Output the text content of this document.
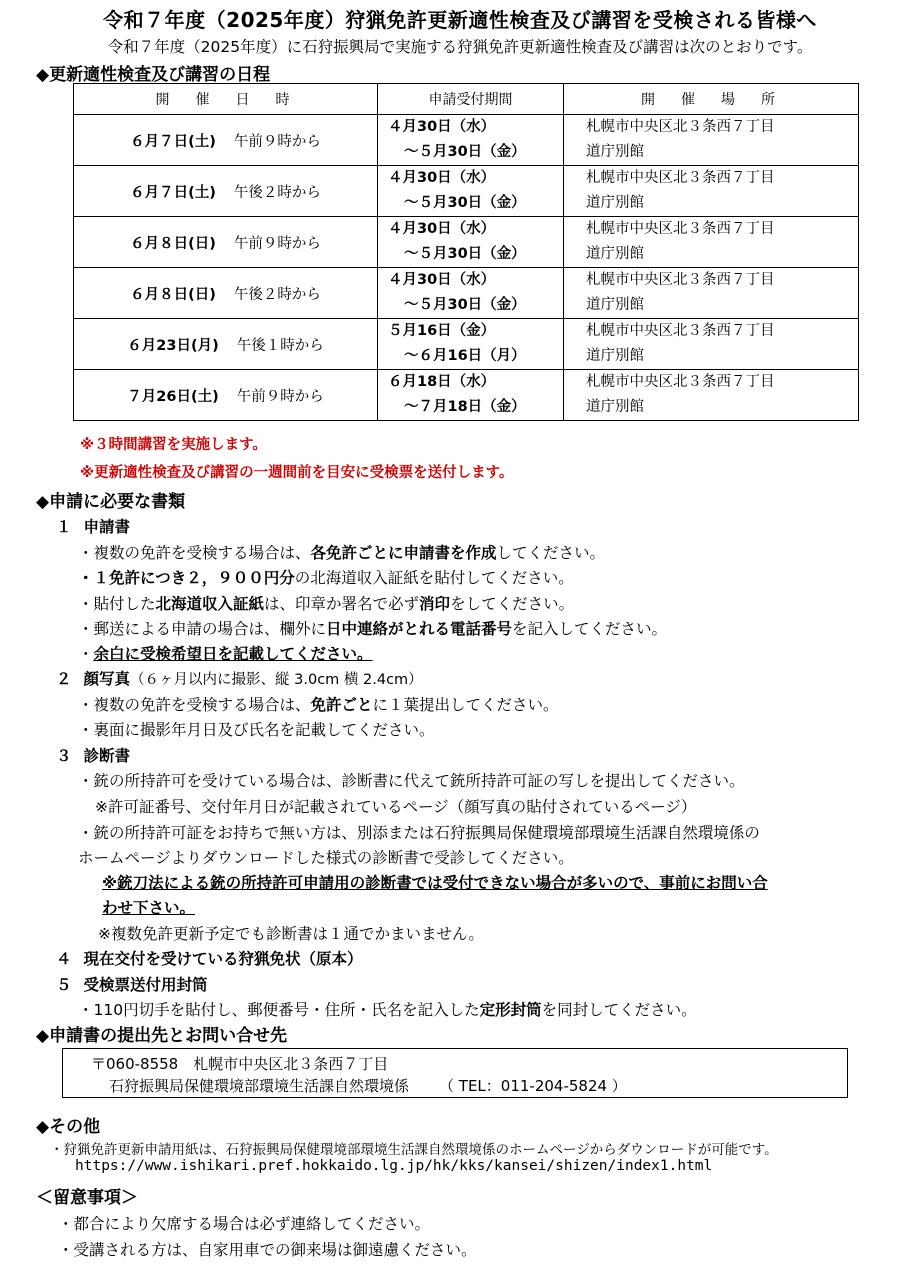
令和７年度（2025年度）狩猟免許更新適性検査及び講習を受検される皆様へ
令和７年度（2025年度）に石狩振興局で実施する狩猟免許更新適性検査及び講習は次のとおりです。
◆更新適性検査及び講習の日程
開　催　日　時	申請受付期間	開　催　場　所
６月７日(土) 午前９時から	４月30日（水）
～５月30日（金）	札幌市中央区北３条西７丁目
道庁別館

６月７日(土) 午後２時から	４月30日（水）
～５月30日（金）	札幌市中央区北３条西７丁目
道庁別館

６月８日(日) 午前９時から	４月30日（水）
～５月30日（金）	札幌市中央区北３条西７丁目
道庁別館

６月８日(日) 午後２時から	４月30日（水）
～５月30日（金）	札幌市中央区北３条西７丁目
道庁別館

６月23日(月) 午後１時から	５月16日（金）
～６月16日（月）	札幌市中央区北３条西７丁目
道庁別館

７月26日(土) 午前９時から	６月18日（水）
～７月18日（金）	札幌市中央区北３条西７丁目
道庁別館
※３時間講習を実施します。
※更新適性検査及び講習の一週間前を目安に受検票を送付します。
◆申請に必要な書類
１ 申請書
・複数の免許を受検する場合は、各免許ごとに申請書を作成してください。
・１免許につき２，９００円分の北海道収入証紙を貼付してください。
・貼付した北海道収入証紙は、印章か署名で必ず消印をしてください。
・郵送による申請の場合は、欄外に日中連絡がとれる電話番号を記入してください。
・余白に受検希望日を記載してください。
２ 顔写真（６ヶ月以内に撮影、縦 3.0cm 横 2.4cm）
・複数の免許を受検する場合は、免許ごとに１葉提出してください。
・裏面に撮影年月日及び氏名を記載してください。
３ 診断書
・銃の所持許可を受けている場合は、診断書に代えて銃所持許可証の写しを提出してください。
※許可証番号、交付年月日が記載されているページ（顔写真の貼付されているページ）
・銃の所持許可証をお持ちで無い方は、別添または石狩振興局保健環境部環境生活課自然環境係の
ホームページよりダウンロードした様式の診断書で受診してください。
※銃刀法による銃の所持許可申請用の診断書では受付できない場合が多いので、事前にお問い合
わせ下さい。
※複数免許更新予定でも診断書は１通でかまいません。
４ 現在交付を受けている狩猟免状（原本）
５ 受検票送付用封筒
・110円切手を貼付し、郵便番号・住所・氏名を記入した定形封筒を同封してください。
◆申請書の提出先とお問い合せ先
〒060-8558　札幌市中央区北３条西７丁目
石狩振興局保健環境部環境生活課自然環境係 （ TEL：011-204-5824 ）
◆その他
・狩猟免許更新申請用紙は、石狩振興局保健環境部環境生活課自然環境係のホームページからダウンロードが可能です。
https://www.ishikari.pref.hokkaido.lg.jp/hk/kks/kansei/shizen/index1.html
＜留意事項＞
・都合により欠席する場合は必ず連絡してください。
・受講される方は、自家用車での御来場は御遠慮ください。
